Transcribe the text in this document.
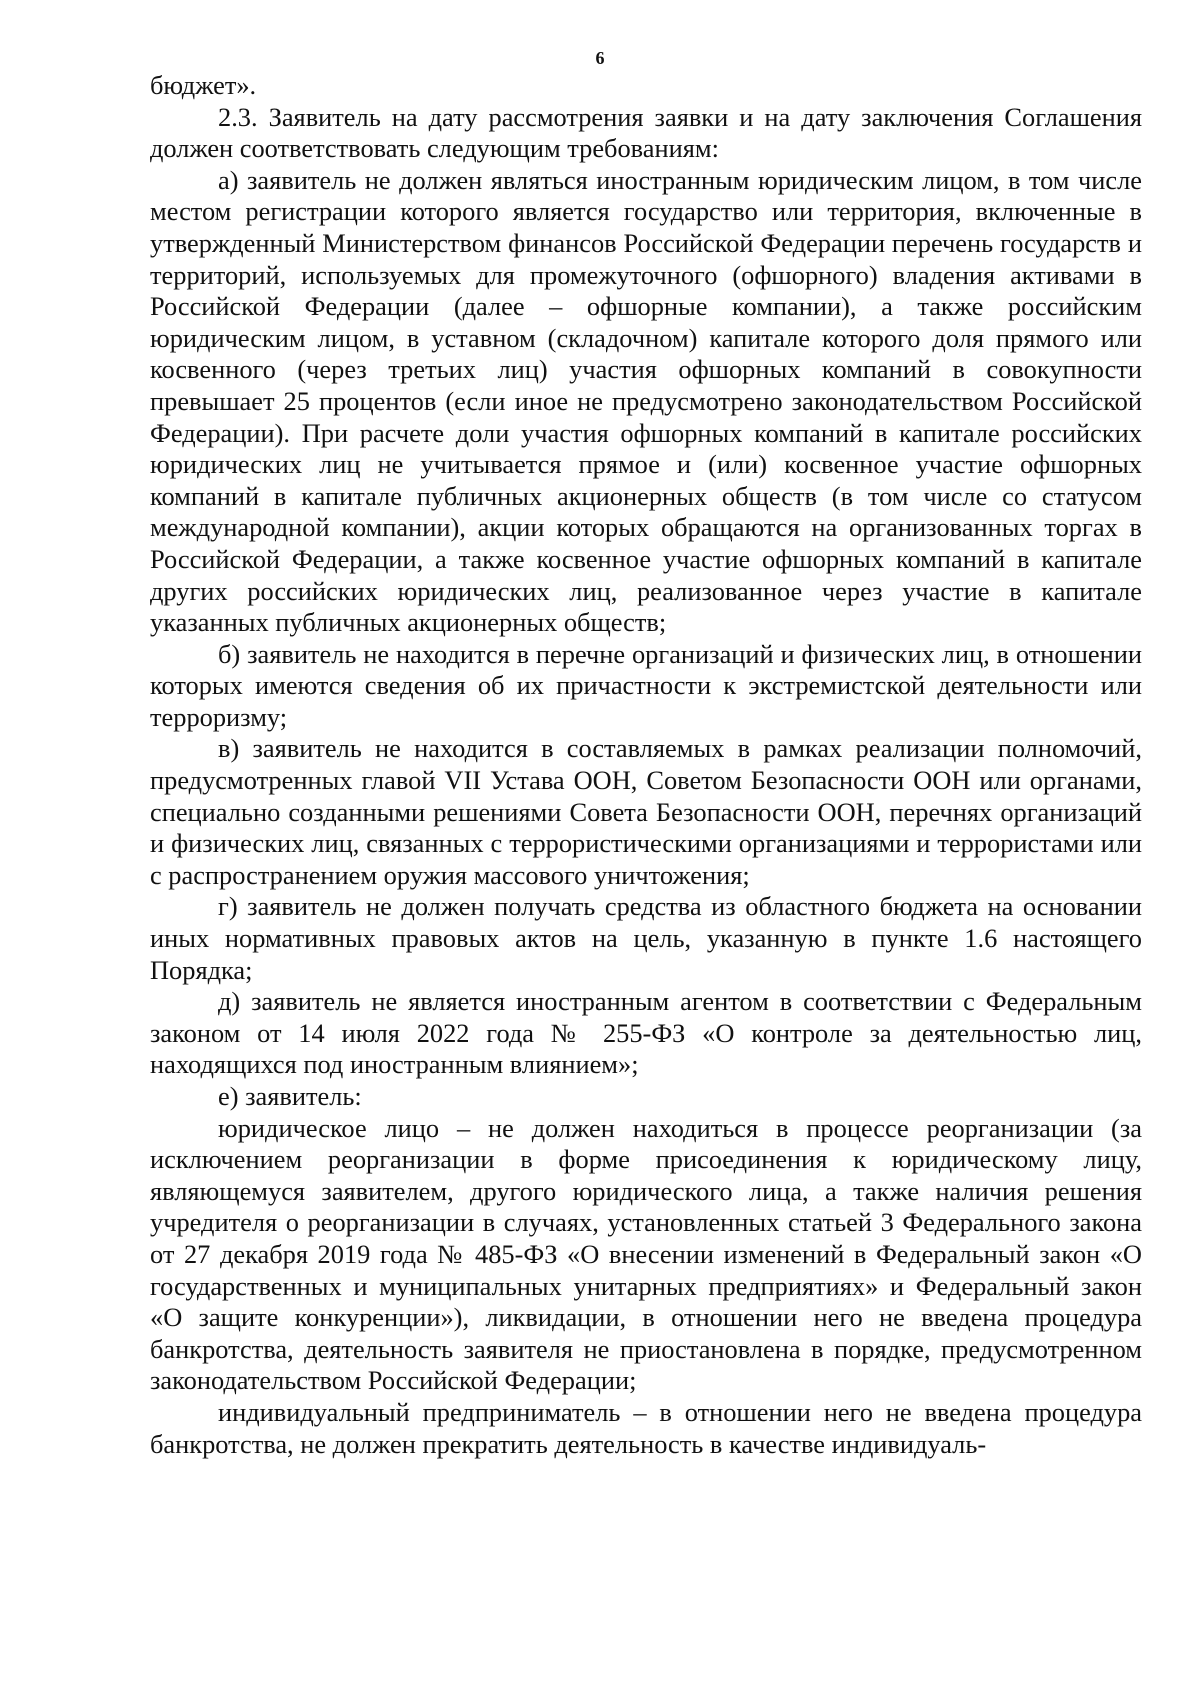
6

бюджет».

2.3. Заявитель на дату рассмотрения заявки и на дату заключения Соглашения должен соответствовать следующим требованиям:

а) заявитель не должен являться иностранным юридическим лицом, в том числе местом регистрации которого является государство или территория, включенные в утвержденный Министерством финансов Российской Федерации перечень государств и территорий, используемых для промежуточного (офшорного) владения активами в Российской Федерации (далее – офшорные компании), а также российским юридическим лицом, в уставном (складочном) капитале которого доля прямого или косвенного (через третьих лиц) участия офшорных компаний в совокупности превышает 25 процентов (если иное не предусмотрено законодательством Российской Федерации). При расчете доли участия офшорных компаний в капитале российских юридических лиц не учитывается прямое и (или) косвенное участие офшорных компаний в капитале публичных акционерных обществ (в том числе со статусом международной компании), акции которых обращаются на организованных торгах в Российской Федерации, а также косвенное участие офшорных компаний в капитале других российских юридических лиц, реализованное через участие в капитале указанных публичных акционерных обществ;

б) заявитель не находится в перечне организаций и физических лиц, в отношении которых имеются сведения об их причастности к экстремистской деятельности или терроризму;

в) заявитель не находится в составляемых в рамках реализации полномочий, предусмотренных главой VII Устава ООН, Советом Безопасности ООН или органами, специально созданными решениями Совета Безопасности ООН, перечнях организаций и физических лиц, связанных с террористическими организациями и террористами или с распространением оружия массового уничтожения;

г) заявитель не должен получать средства из областного бюджета на основании иных нормативных правовых актов на цель, указанную в пункте 1.6 настоящего Порядка;

д) заявитель не является иностранным агентом в соответствии с Федеральным законом от 14 июля 2022 года № 255-ФЗ «О контроле за деятельностью лиц, находящихся под иностранным влиянием»;

е) заявитель:

юридическое лицо – не должен находиться в процессе реорганизации (за исключением реорганизации в форме присоединения к юридическому лицу, являющемуся заявителем, другого юридического лица, а также наличия решения учредителя о реорганизации в случаях, установленных статьей 3 Федерального закона от 27 декабря 2019 года № 485-ФЗ «О внесении изменений в Федеральный закон «О государственных и муниципальных унитарных предприятиях» и Федеральный закон «О защите конкуренции»), ликвидации, в отношении него не введена процедура банкротства, деятельность заявителя не приостановлена в порядке, предусмотренном законодательством Российской Федерации;

индивидуальный предприниматель – в отношении него не введена процедура банкротства, не должен прекратить деятельность в качестве индивидуаль-
